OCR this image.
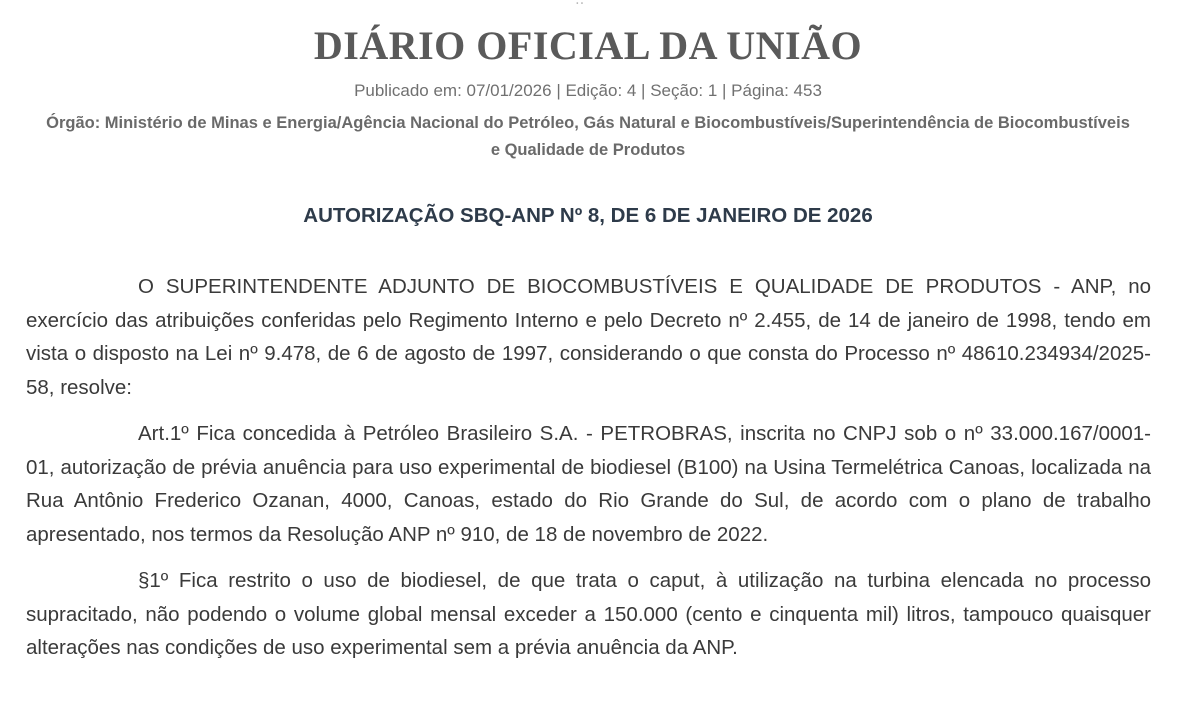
DIÁRIO OFICIAL DA UNIÃO
Publicado em: 07/01/2026 | Edição: 4 | Seção: 1 | Página: 453
Órgão: Ministério de Minas e Energia/Agência Nacional do Petróleo, Gás Natural e Biocombustíveis/Superintendência de Biocombustíveis e Qualidade de Produtos
AUTORIZAÇÃO SBQ-ANP Nº 8, DE 6 DE JANEIRO DE 2026

O SUPERINTENDENTE ADJUNTO DE BIOCOMBUSTÍVEIS E QUALIDADE DE PRODUTOS - ANP, no exercício das atribuições conferidas pelo Regimento Interno e pelo Decreto nº 2.455, de 14 de janeiro de 1998, tendo em vista o disposto na Lei nº 9.478, de 6 de agosto de 1997, considerando o que consta do Processo nº 48610.234934/2025-58, resolve:

Art.1º Fica concedida à Petróleo Brasileiro S.A. - PETROBRAS, inscrita no CNPJ sob o nº 33.000.167/0001-01, autorização de prévia anuência para uso experimental de biodiesel (B100) na Usina Termelétrica Canoas, localizada na Rua Antônio Frederico Ozanan, 4000, Canoas, estado do Rio Grande do Sul, de acordo com o plano de trabalho apresentado, nos termos da Resolução ANP nº 910, de 18 de novembro de 2022.

§1º Fica restrito o uso de biodiesel, de que trata o caput, à utilização na turbina elencada no processo supracitado, não podendo o volume global mensal exceder a 150.000 (cento e cinquenta mil) litros, tampouco quaisquer alterações nas condições de uso experimental sem a prévia anuência da ANP.
